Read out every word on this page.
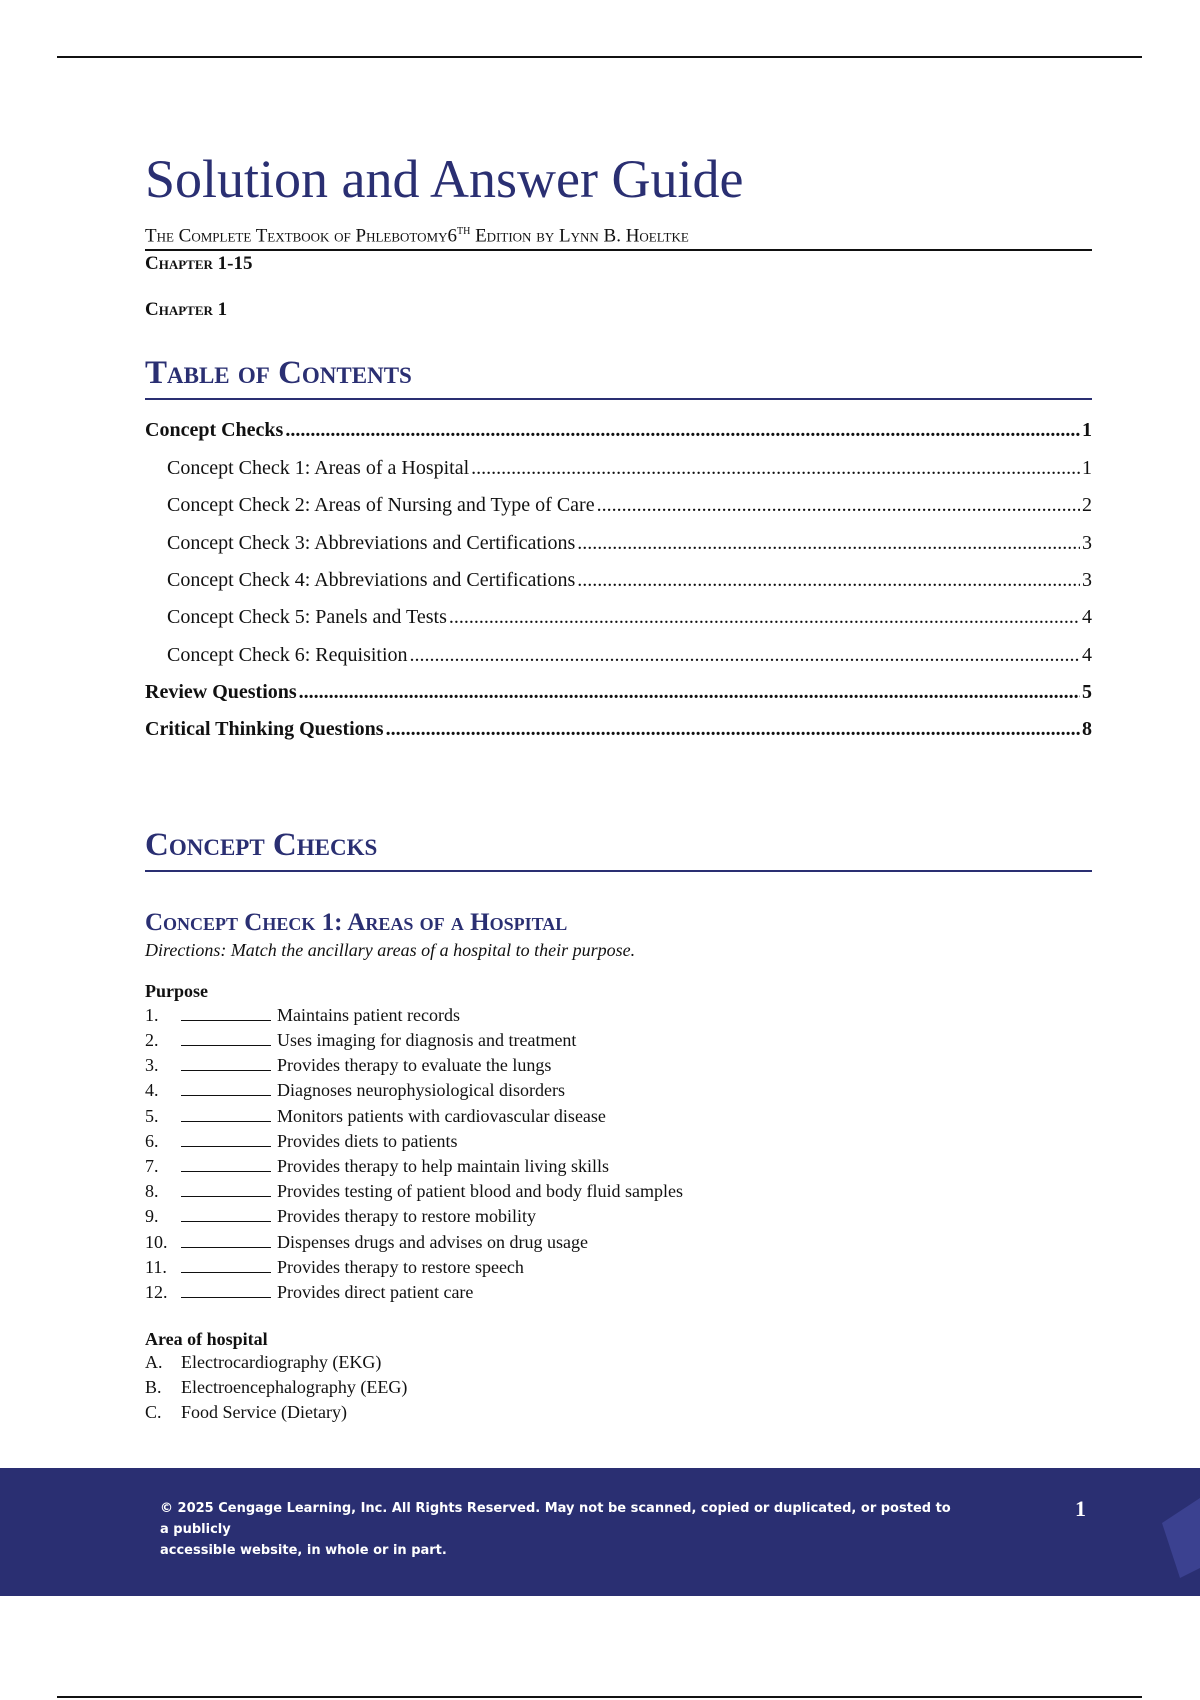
Solution and Answer Guide
The Complete Textbook of Phlebotomy6TH Edition by Lynn B. Hoeltke
Chapter 1-15
Chapter 1
Table of Contents
Concept Checks .....	1
Concept Check 1: Areas of a Hospital .....	1
Concept Check 2: Areas of Nursing and Type of Care .....	2
Concept Check 3: Abbreviations and Certifications .....	3
Concept Check 4: Abbreviations and Certifications .....	3
Concept Check 5: Panels and Tests .....	4
Concept Check 6: Requisition .....	4
Review Questions .....	5
Critical Thinking Questions .....	8
Concept Checks
Concept Check 1: Areas of a Hospital
Directions: Match the ancillary areas of a hospital to their purpose.
Purpose
1.	Maintains patient records
2.	Uses imaging for diagnosis and treatment
3.	Provides therapy to evaluate the lungs
4.	Diagnoses neurophysiological disorders
5.	Monitors patients with cardiovascular disease
6.	Provides diets to patients
7.	Provides therapy to help maintain living skills
8.	Provides testing of patient blood and body fluid samples
9.	Provides therapy to restore mobility
10.	Dispenses drugs and advises on drug usage
11.	Provides therapy to restore speech
12.	Provides direct patient care
Area of hospital
A.	Electrocardiography (EKG)
B.	Electroencephalography (EEG)
C.	Food Service (Dietary)
© 2025 Cengage Learning, Inc. All Rights Reserved. May not be scanned, copied or duplicated, or posted to a publicly
accessible website, in whole or in part.
1
